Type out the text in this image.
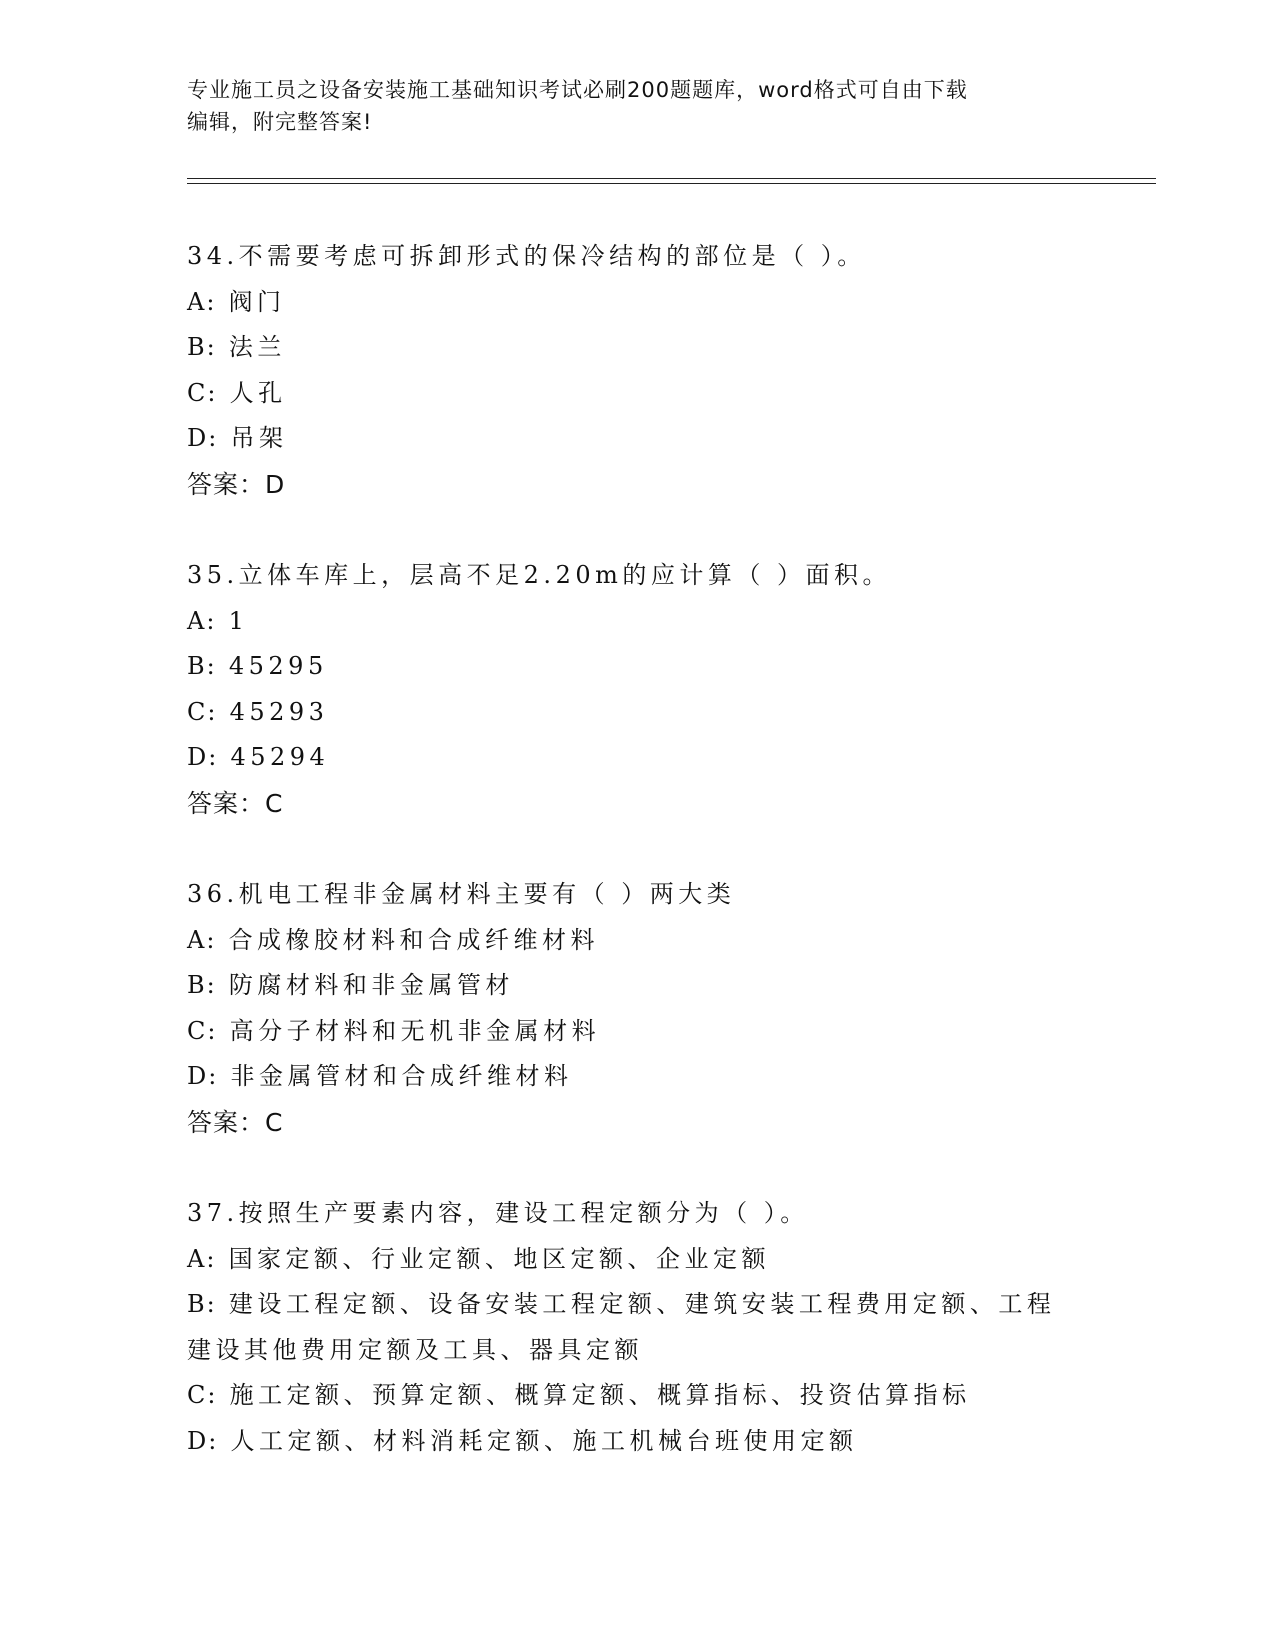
专业施工员之设备安装施工基础知识考试必刷200题题库，word格式可自由下载
编辑，附完整答案!
34.不需要考虑可拆卸形式的保冷结构的部位是（ ）。
A: 阀门
B: 法兰
C: 人孔
D: 吊架
答案：D
35.立体车库上，层高不足2.20m的应计算（ ）面积。
A: 1
B: 45295
C: 45293
D: 45294
答案：C
36.机电工程非金属材料主要有（ ）两大类
A: 合成橡胶材料和合成纤维材料
B: 防腐材料和非金属管材
C: 高分子材料和无机非金属材料
D: 非金属管材和合成纤维材料
答案：C
37.按照生产要素内容，建设工程定额分为（ ）。
A: 国家定额、行业定额、地区定额、企业定额
B: 建设工程定额、设备安装工程定额、建筑安装工程费用定额、工程建设其他费用定额及工具、器具定额
C: 施工定额、预算定额、概算定额、概算指标、投资估算指标
D: 人工定额、材料消耗定额、施工机械台班使用定额
